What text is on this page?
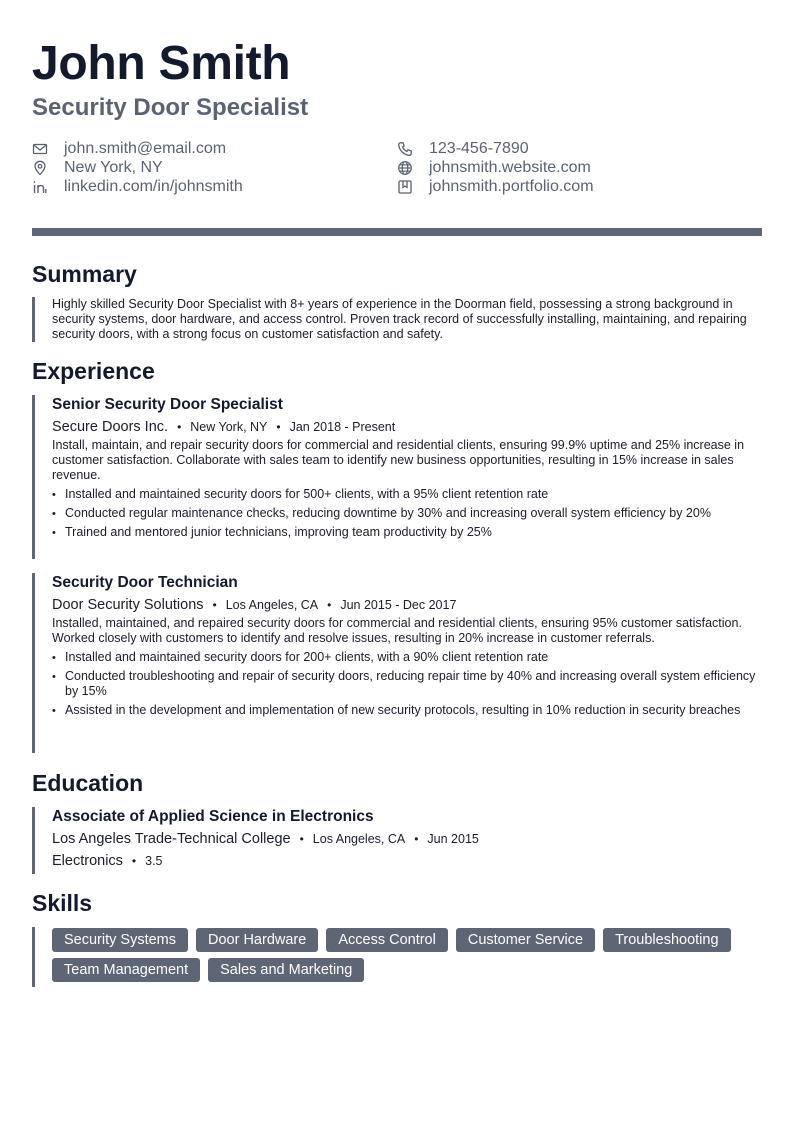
John Smith
Security Door Specialist
john.smith@email.com
New York, NY
linkedin.com/in/johnsmith
123-456-7890
johnsmith.website.com
johnsmith.portfolio.com
Summary

Highly skilled Security Door Specialist with 8+ years of experience in the Doorman field, possessing a strong background in security systems, door hardware, and access control. Proven track record of successfully installing, maintaining, and repairing security doors, with a strong focus on customer satisfaction and safety.

Experience
Senior Security Door Specialist
Secure Doors Inc. • New York, NY • Jan 2018 - Present

Install, maintain, and repair security doors for commercial and residential clients, ensuring 99.9% uptime and 25% increase in customer satisfaction. Collaborate with sales team to identify new business opportunities, resulting in 15% increase in sales revenue.

• Installed and maintained security doors for 500+ clients, with a 95% client retention rate
• Conducted regular maintenance checks, reducing downtime by 30% and increasing overall system efficiency by 20%
• Trained and mentored junior technicians, improving team productivity by 25%
Security Door Technician
Door Security Solutions • Los Angeles, CA • Jun 2015 - Dec 2017

Installed, maintained, and repaired security doors for commercial and residential clients, ensuring 95% customer satisfaction. Worked closely with customers to identify and resolve issues, resulting in 20% increase in customer referrals.

• Installed and maintained security doors for 200+ clients, with a 90% client retention rate
• Conducted troubleshooting and repair of security doors, reducing repair time by 40% and increasing overall system efficiency by 15%
• Assisted in the development and implementation of new security protocols, resulting in 10% reduction in security breaches
Education
Associate of Applied Science in Electronics
Los Angeles Trade-Technical College • Los Angeles, CA • Jun 2015
Electronics • 3.5
Skills
Security Systems	Door Hardware	Access Control	Customer Service	Troubleshooting
Team Management	Sales and Marketing
